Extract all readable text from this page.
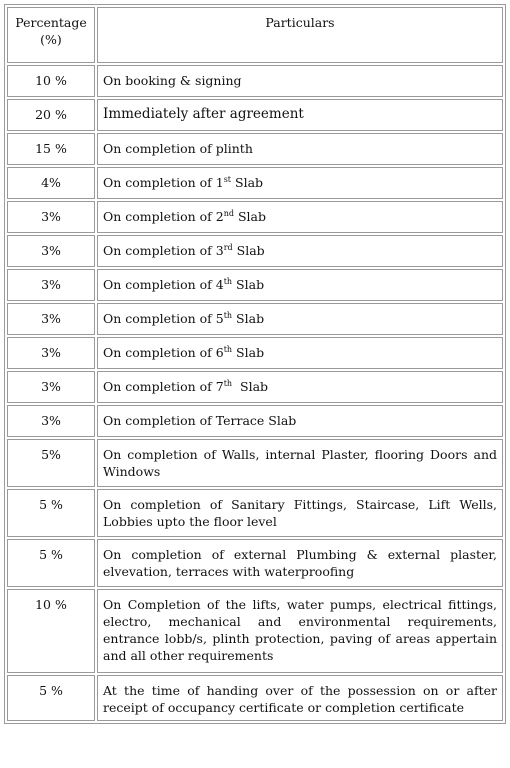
Percentage (%)	Particulars
10 %	On booking & signing
20 %	Immediately after agreement
15 %	On completion of plinth
4%	On completion of 1st Slab
3%	On completion of 2nd Slab
3%	On completion of 3rd Slab
3%	On completion of 4th Slab
3%	On completion of 5th Slab
3%	On completion of 6th Slab
3%	On completion of 7th  Slab
3%	On completion of Terrace Slab
5%	On completion of Walls, internal Plaster, flooring Doors and Windows
5 %	On completion of Sanitary Fittings, Staircase, Lift Wells, Lobbies upto the floor level
5 %	On completion of external Plumbing & external plaster, elvevation, terraces with waterproofing
10 %	On Completion of the lifts, water pumps, electrical fittings, electro, mechanical and environmental requirements, entrance lobb/s, plinth protection, paving of areas appertain and all other requirements
5 %	At the time of handing over of the possession on or after receipt of occupancy certificate or completion certificate
